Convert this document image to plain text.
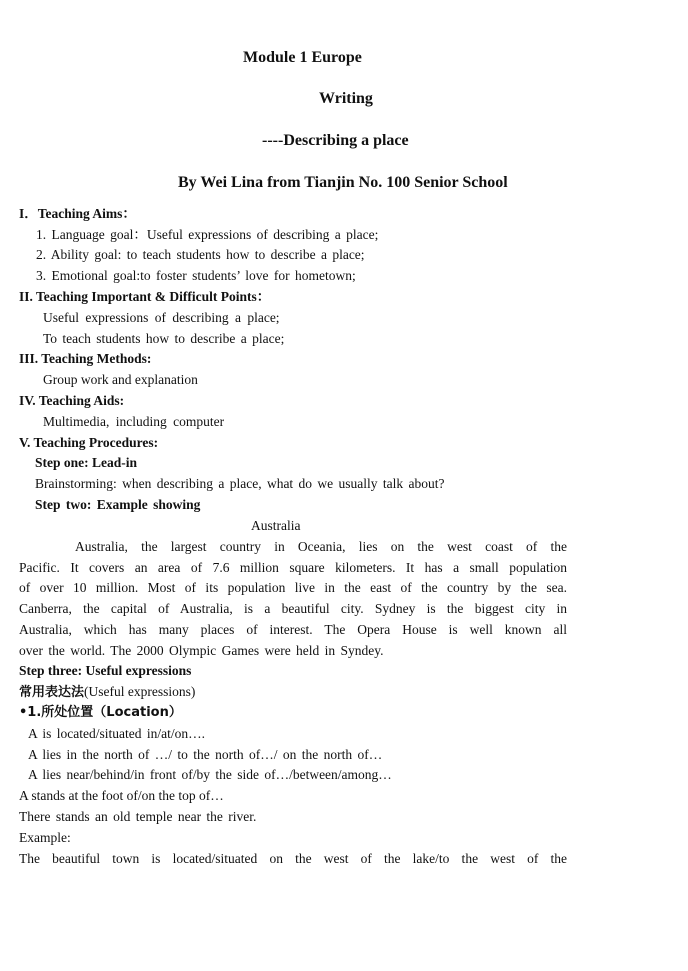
Module 1 Europe
Writing
----Describing a place
By Wei Lina from Tianjin No. 100 Senior School
I．Teaching Aims：
1. Language goal：Useful expressions of describing a place;
2. Ability goal: to teach students how to describe a place;
3. Emotional goal:to foster students’ love for hometown;
II. Teaching Important & Difficult Points：
Useful expressions of describing a place;
To teach students how to describe a place;
III. Teaching Methods:
Group work and explanation
IV. Teaching Aids:
Multimedia, including computer
V. Teaching Procedures:
Step one: Lead-in
Brainstorming: when describing a place, what do we usually talk about?
Step two: Example showing
Australia
Australia, the largest country in Oceania, lies on the west coast of the
Pacific. It covers an area of 7.6 million square kilometers. It has a small population
of over 10 million. Most of its population live in the east of the country by the sea.
Canberra, the capital of Australia, is a beautiful city. Sydney is the biggest city in
Australia, which has many places of interest. The Opera House is well known all
over the world. The 2000 Olympic Games were held in Syndey.
Step three: Useful expressions
常用表达法(Useful expressions)
•1.所处位置（Location）
A is located/situated in/at/on….
A lies in the north of …/ to the north of…/ on the north of…
A lies near/behind/in front of/by the side of…/between/among…
A stands at the foot of/on the top of…
There stands an old temple near the river.
Example:
The beautiful town is located/situated on the west of the lake/to the west of the
